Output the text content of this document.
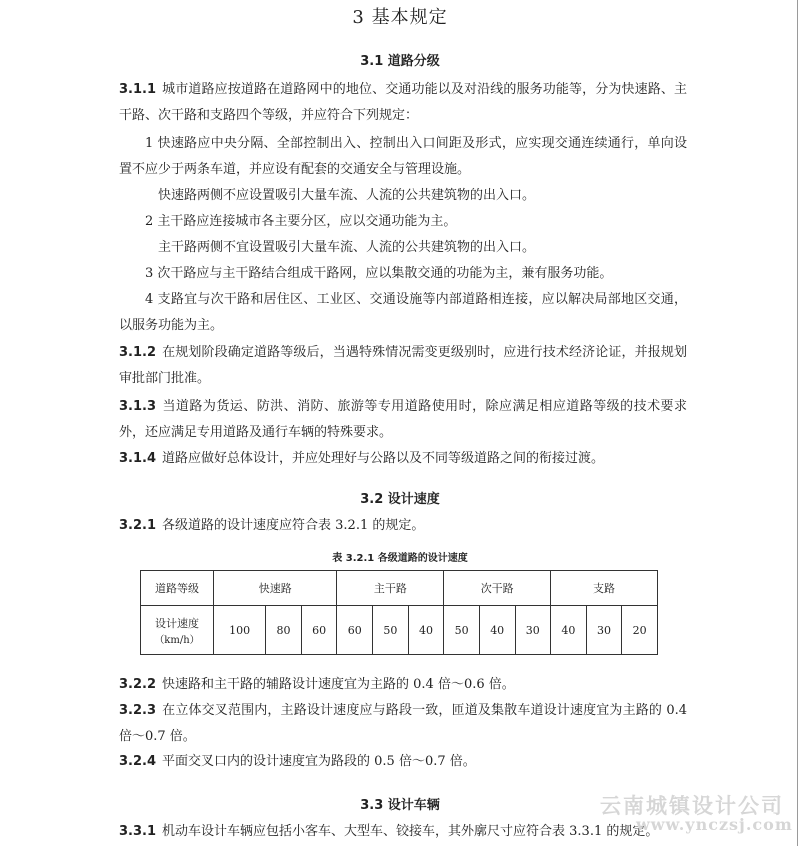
3 基本规定
3.1 道路分级
3.1.1 城市道路应按道路在道路网中的地位、交通功能以及对沿线的服务功能等，分为快速路、主干路、次干路和支路四个等级，并应符合下列规定：
1 快速路应中央分隔、全部控制出入、控制出入口间距及形式，应实现交通连续通行，单向设置不应少于两条车道，并应设有配套的交通安全与管理设施。
快速路两侧不应设置吸引大量车流、人流的公共建筑物的出入口。
2 主干路应连接城市各主要分区，应以交通功能为主。
主干路两侧不宜设置吸引大量车流、人流的公共建筑物的出入口。
3 次干路应与主干路结合组成干路网，应以集散交通的功能为主，兼有服务功能。
4 支路宜与次干路和居住区、工业区、交通设施等内部道路相连接，应以解决局部地区交通，以服务功能为主。
3.1.2 在规划阶段确定道路等级后，当遇特殊情况需变更级别时，应进行技术经济论证，并报规划审批部门批准。
3.1.3 当道路为货运、防洪、消防、旅游等专用道路使用时，除应满足相应道路等级的技术要求外，还应满足专用道路及通行车辆的特殊要求。
3.1.4 道路应做好总体设计，并应处理好与公路以及不同等级道路之间的衔接过渡。
3.2 设计速度
3.2.1 各级道路的设计速度应符合表 3.2.1 的规定。
表 3.2.1 各级道路的设计速度
道路等级	快速路			主干路			次干路			支路		
设计速度
（km/h）	100	80	60	60	50	40	50	40	30	40	30	20
3.2.2 快速路和主干路的辅路设计速度宜为主路的 0.4 倍～0.6 倍。
3.2.3 在立体交叉范围内，主路设计速度应与路段一致，匝道及集散车道设计速度宜为主路的 0.4 倍～0.7 倍。
3.2.4 平面交叉口内的设计速度宜为路段的 0.5 倍～0.7 倍。
3.3 设计车辆
3.3.1 机动车设计车辆应包括小客车、大型车、铰接车，其外廓尺寸应符合表 3.3.1 的规定。
云南城镇设计公司
www.ynczsj.com
